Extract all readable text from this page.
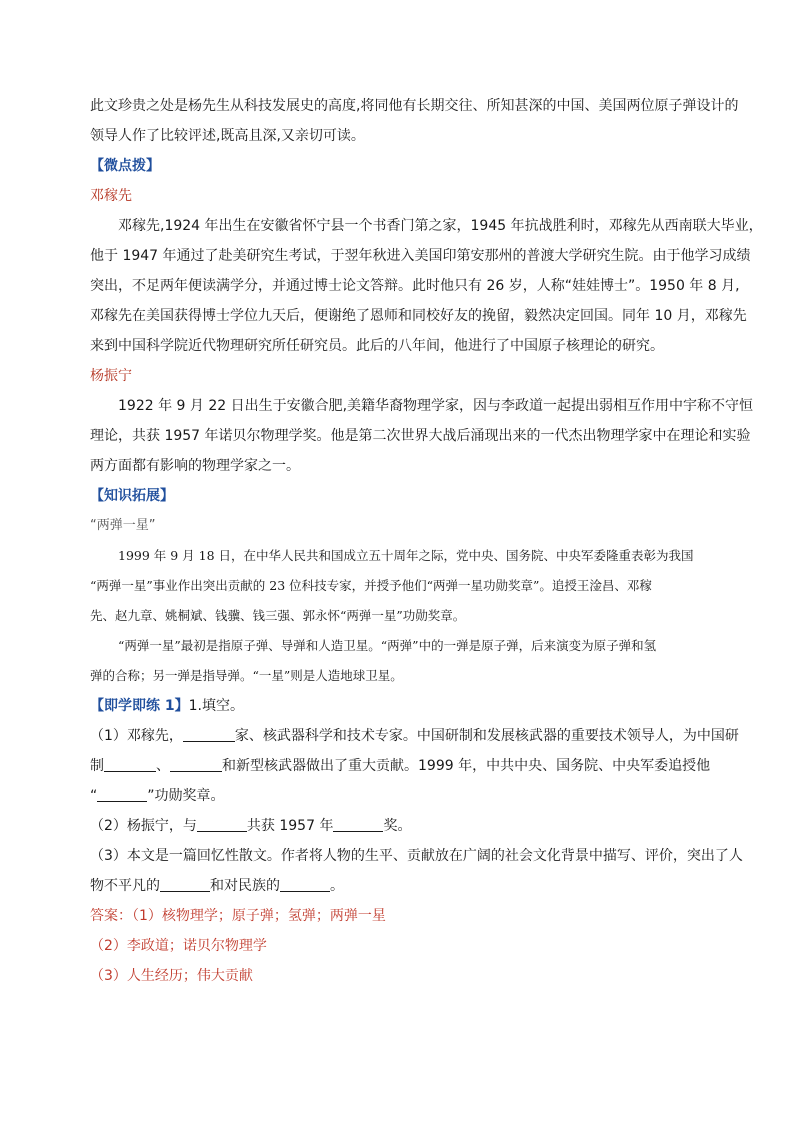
此文珍贵之处是杨先生从科技发展史的高度,将同他有长期交往、所知甚深的中国、美国两位原子弹设计的

领导人作了比较评述,既高且深,又亲切可读。

【微点拨】

邓稼先

邓稼先,1924 年出生在安徽省怀宁县一个书香门第之家，1945 年抗战胜利时，邓稼先从西南联大毕业，

他于 1947 年通过了赴美研究生考试，于翌年秋进入美国印第安那州的普渡大学研究生院。由于他学习成绩

突出，不足两年便读满学分，并通过博士论文答辩。此时他只有 26 岁，人称“娃娃博士”。1950 年 8 月,

邓稼先在美国获得博士学位九天后，便谢绝了恩师和同校好友的挽留，毅然决定回国。同年 10 月，邓稼先

来到中国科学院近代物理研究所任研究员。此后的八年间，他进行了中国原子核理论的研究。

杨振宁

1922 年 9 月 22 日出生于安徽合肥,美籍华裔物理学家，因与李政道一起提出弱相互作用中宇称不守恒

理论，共获 1957 年诺贝尔物理学奖。他是第二次世界大战后涌现出来的一代杰出物理学家中在理论和实验

两方面都有影响的物理学家之一。

【知识拓展】

“两弹一星”

1999 年 9 月 18 日，在中华人民共和国成立五十周年之际，党中央、国务院、中央军委隆重表彰为我国

“两弹一星”事业作出突出贡献的 23 位科技专家，并授予他们“两弹一星功勋奖章”。追授王淦昌、邓稼

先、赵九章、姚桐斌、钱骥、钱三强、郭永怀“两弹一星”功勋奖章。

“两弹一星”最初是指原子弹、导弹和人造卫星。“两弹”中的一弹是原子弹，后来演变为原子弹和氢

弹的合称；另一弹是指导弹。“一星”则是人造地球卫星。

【即学即练 1】1.填空。

（1）邓稼先，	家、核武器科学和技术专家。中国研制和发展核武器的重要技术领导人，为中国研

制	、	和新型核武器做出了重大贡献。1999 年，中共中央、国务院、中央军委追授他

“	”功勋奖章。

（2）杨振宁，与	共获 1957 年	奖。

（3）本文是一篇回忆性散文。作者将人物的生平、贡献放在广阔的社会文化背景中描写、评价，突出了人

物不平凡的	和对民族的	。

答案：（1）核物理学；原子弹；氢弹；两弹一星

（2）李政道；诺贝尔物理学

（3）人生经历；伟大贡献
